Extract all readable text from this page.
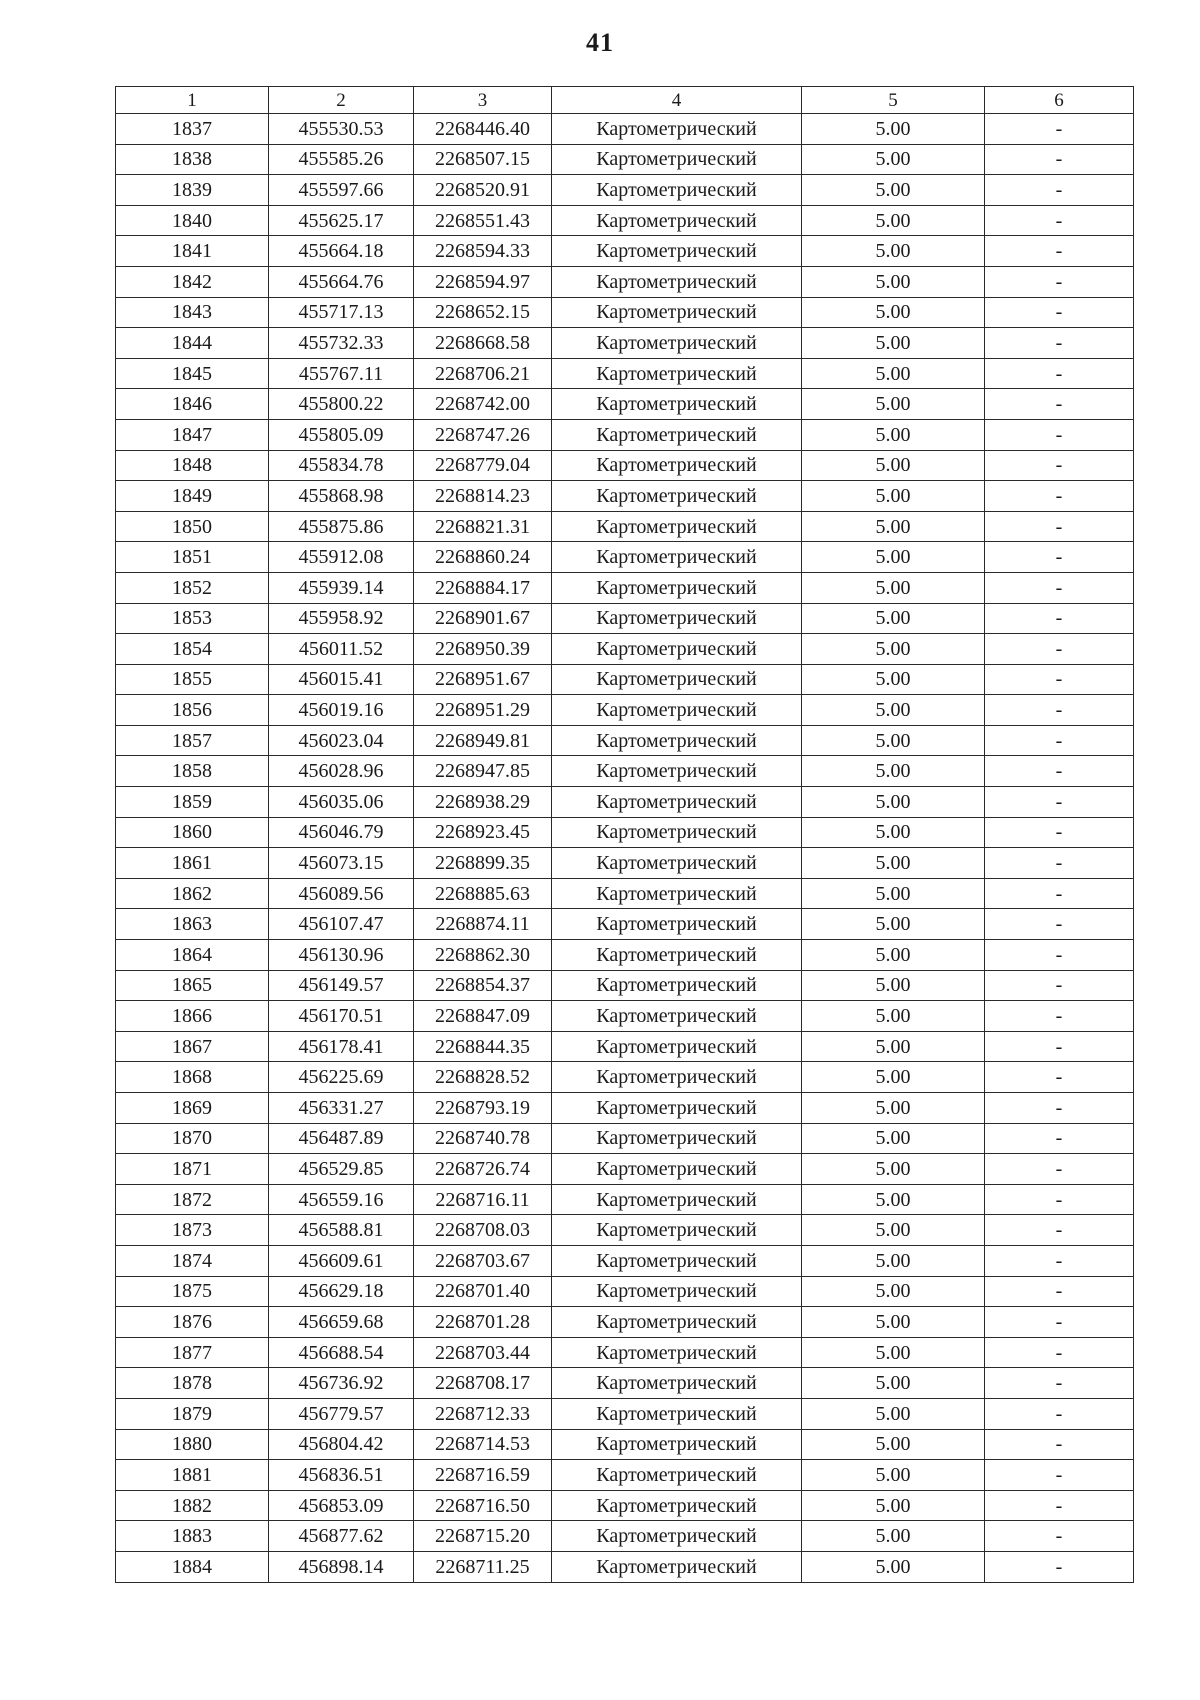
41
1	2	3	4	5	6
1837	455530.53	2268446.40	Картометрический	5.00	-
1838	455585.26	2268507.15	Картометрический	5.00	-
1839	455597.66	2268520.91	Картометрический	5.00	-
1840	455625.17	2268551.43	Картометрический	5.00	-
1841	455664.18	2268594.33	Картометрический	5.00	-
1842	455664.76	2268594.97	Картометрический	5.00	-
1843	455717.13	2268652.15	Картометрический	5.00	-
1844	455732.33	2268668.58	Картометрический	5.00	-
1845	455767.11	2268706.21	Картометрический	5.00	-
1846	455800.22	2268742.00	Картометрический	5.00	-
1847	455805.09	2268747.26	Картометрический	5.00	-
1848	455834.78	2268779.04	Картометрический	5.00	-
1849	455868.98	2268814.23	Картометрический	5.00	-
1850	455875.86	2268821.31	Картометрический	5.00	-
1851	455912.08	2268860.24	Картометрический	5.00	-
1852	455939.14	2268884.17	Картометрический	5.00	-
1853	455958.92	2268901.67	Картометрический	5.00	-
1854	456011.52	2268950.39	Картометрический	5.00	-
1855	456015.41	2268951.67	Картометрический	5.00	-
1856	456019.16	2268951.29	Картометрический	5.00	-
1857	456023.04	2268949.81	Картометрический	5.00	-
1858	456028.96	2268947.85	Картометрический	5.00	-
1859	456035.06	2268938.29	Картометрический	5.00	-
1860	456046.79	2268923.45	Картометрический	5.00	-
1861	456073.15	2268899.35	Картометрический	5.00	-
1862	456089.56	2268885.63	Картометрический	5.00	-
1863	456107.47	2268874.11	Картометрический	5.00	-
1864	456130.96	2268862.30	Картометрический	5.00	-
1865	456149.57	2268854.37	Картометрический	5.00	-
1866	456170.51	2268847.09	Картометрический	5.00	-
1867	456178.41	2268844.35	Картометрический	5.00	-
1868	456225.69	2268828.52	Картометрический	5.00	-
1869	456331.27	2268793.19	Картометрический	5.00	-
1870	456487.89	2268740.78	Картометрический	5.00	-
1871	456529.85	2268726.74	Картометрический	5.00	-
1872	456559.16	2268716.11	Картометрический	5.00	-
1873	456588.81	2268708.03	Картометрический	5.00	-
1874	456609.61	2268703.67	Картометрический	5.00	-
1875	456629.18	2268701.40	Картометрический	5.00	-
1876	456659.68	2268701.28	Картометрический	5.00	-
1877	456688.54	2268703.44	Картометрический	5.00	-
1878	456736.92	2268708.17	Картометрический	5.00	-
1879	456779.57	2268712.33	Картометрический	5.00	-
1880	456804.42	2268714.53	Картометрический	5.00	-
1881	456836.51	2268716.59	Картометрический	5.00	-
1882	456853.09	2268716.50	Картометрический	5.00	-
1883	456877.62	2268715.20	Картометрический	5.00	-
1884	456898.14	2268711.25	Картометрический	5.00	-
